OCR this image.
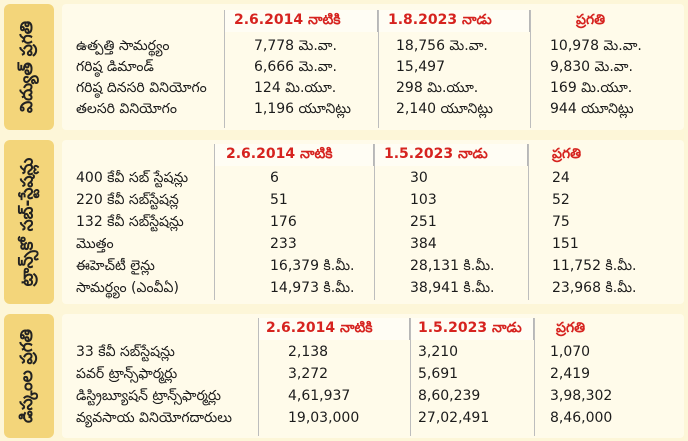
విద్యుత్ ప్రగతి
2.6.2014 నాటికి	1.8.2023 నాడు	ప్రగతి
ఉత్పత్తి సామర్థ్యం	7,778 మె.వా.	18,756 మె.వా.	10,978 మె.వా.
గరిష్ఠ డిమాండ్	6,666 మె.వా.	15,497	9,830 మె.వా.
గరిష్ఠ దినసరి వినియోగం	124 మి.యూ.	298 మి.యూ.	169 మి.యూ.
తలసరి వినియోగం	1,196 యూనిట్లు	2,140 యూనిట్లు	944 యూనిట్లు
ట్రాన్స్‌కో సబ్-స్టేషన్లు
2.6.2014 నాటికి	1.5.2023 నాడు	ప్రగతి
400 కేవీ సబ్ స్టేషన్లు	6	30	24
220 కేవీ సబ్‌స్టేషన్ల	51	103	52
132 కేవీ సబ్‌స్టేషన్లు	176	251	75
మొత్తం	233	384	151
ఈహెచ్‌టీ లైన్లు	16,379 కి.మీ.	28,131 కి.మీ.	11,752 కి.మీ.
సామర్థ్యం (ఎంవీఏ)	14,973 కి.మీ.	38,941 కి.మీ.	23,968 కి.మీ.
డిస్కంల ప్రగతి
2.6.2014 నాటికి	1.5.2023 నాడు ప్రగతి
33 కేవీ సబ్‌స్టేషన్లు	2,138	3,210	1,070
పవర్ ట్రాన్స్‌ఫార్మర్లు	3,272	5,691	2,419
డిస్ట్రిబ్యూషన్ ట్రాన్స్‌ఫార్మర్లు	4,61,937	8,60,239	3,98,302
వ్యవసాయ వినియోగదారులు	19,03,000	27,02,491	8,46,000
